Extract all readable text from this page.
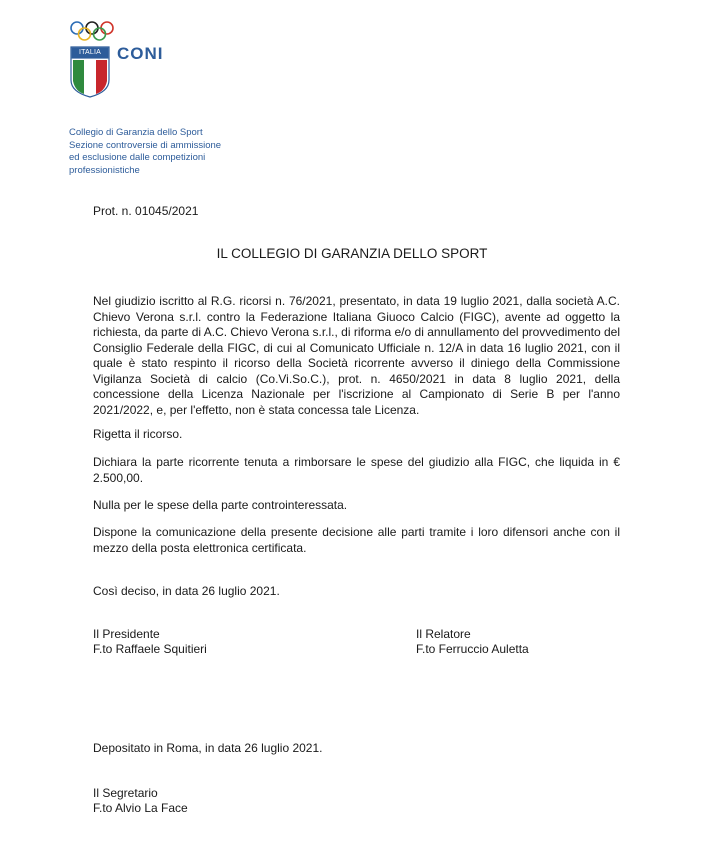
ITALIA CONI
Collegio di Garanzia dello Sport
Sezione controversie di ammissione
ed esclusione dalle competizioni
professionistiche
Prot. n. 01045/2021
IL COLLEGIO DI GARANZIA DELLO SPORT
Nel giudizio iscritto al R.G. ricorsi n. 76/2021, presentato, in data 19 luglio 2021, dalla società A.C. Chievo Verona s.r.l. contro la Federazione Italiana Giuoco Calcio (FIGC), avente ad oggetto la richiesta, da parte di A.C. Chievo Verona s.r.l., di riforma e/o di annullamento del provvedimento del Consiglio Federale della FIGC, di cui al Comunicato Ufficiale n. 12/A in data 16 luglio 2021, con il quale è stato respinto il ricorso della Società ricorrente avverso il diniego della Commissione Vigilanza Società di calcio (Co.Vi.So.C.), prot. n. 4650/2021 in data 8 luglio 2021, della concessione della Licenza Nazionale per l'iscrizione al Campionato di Serie B per l'anno 2021/2022, e, per l'effetto, non è stata concessa tale Licenza.
Rigetta il ricorso.
Dichiara la parte ricorrente tenuta a rimborsare le spese del giudizio alla FIGC, che liquida in € 2.500,00.
Nulla per le spese della parte controinteressata.
Dispone la comunicazione della presente decisione alle parti tramite i loro difensori anche con il mezzo della posta elettronica certificata.
Così deciso, in data 26 luglio 2021.
Il Presidente
F.to Raffaele Squitieri
Il Relatore
F.to Ferruccio Auletta
Depositato in Roma, in data 26 luglio 2021.
Il Segretario
F.to Alvio La Face
